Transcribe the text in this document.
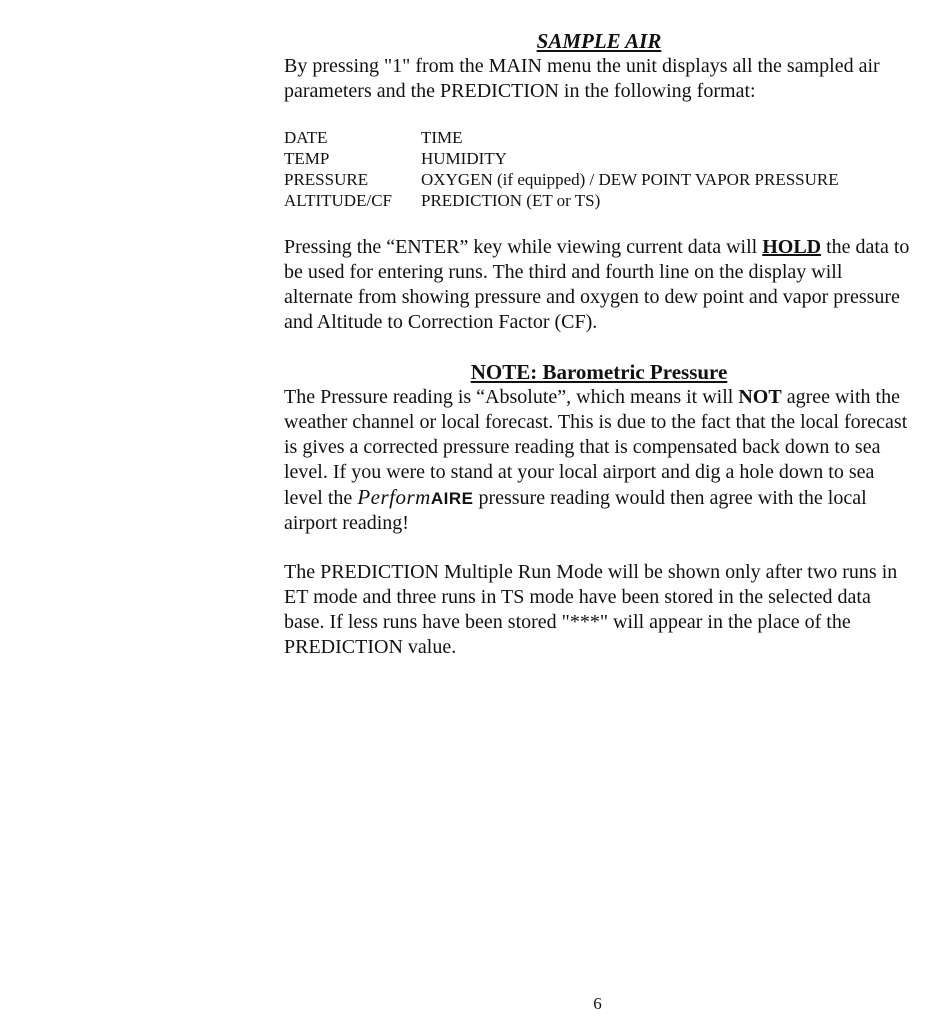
SAMPLE AIR

By pressing "1" from the MAIN menu the unit displays all the sampled air parameters and the PREDICTION in the following format:

DATE	TIME
TEMP	HUMIDITY
PRESSURE	OXYGEN (if equipped) / DEW POINT VAPOR PRESSURE
ALTITUDE/CF	PREDICTION (ET or TS)

Pressing the “ENTER” key while viewing current data will HOLD the data to be used for entering runs. The third and fourth line on the display will alternate from showing pressure and oxygen to dew point and vapor pressure and Altitude to Correction Factor (CF).

NOTE: Barometric Pressure

The Pressure reading is “Absolute”, which means it will NOT agree with the weather channel or local forecast. This is due to the fact that the local forecast is gives a corrected pressure reading that is compensated back down to sea level. If you were to stand at your local airport and dig a hole down to sea level the PerformAIRE pressure reading would then agree with the local airport reading!

The PREDICTION Multiple Run Mode will be shown only after two runs in ET mode and three runs in TS mode have been stored in the selected data base. If less runs have been stored "***" will appear in the place of the PREDICTION value.

6
